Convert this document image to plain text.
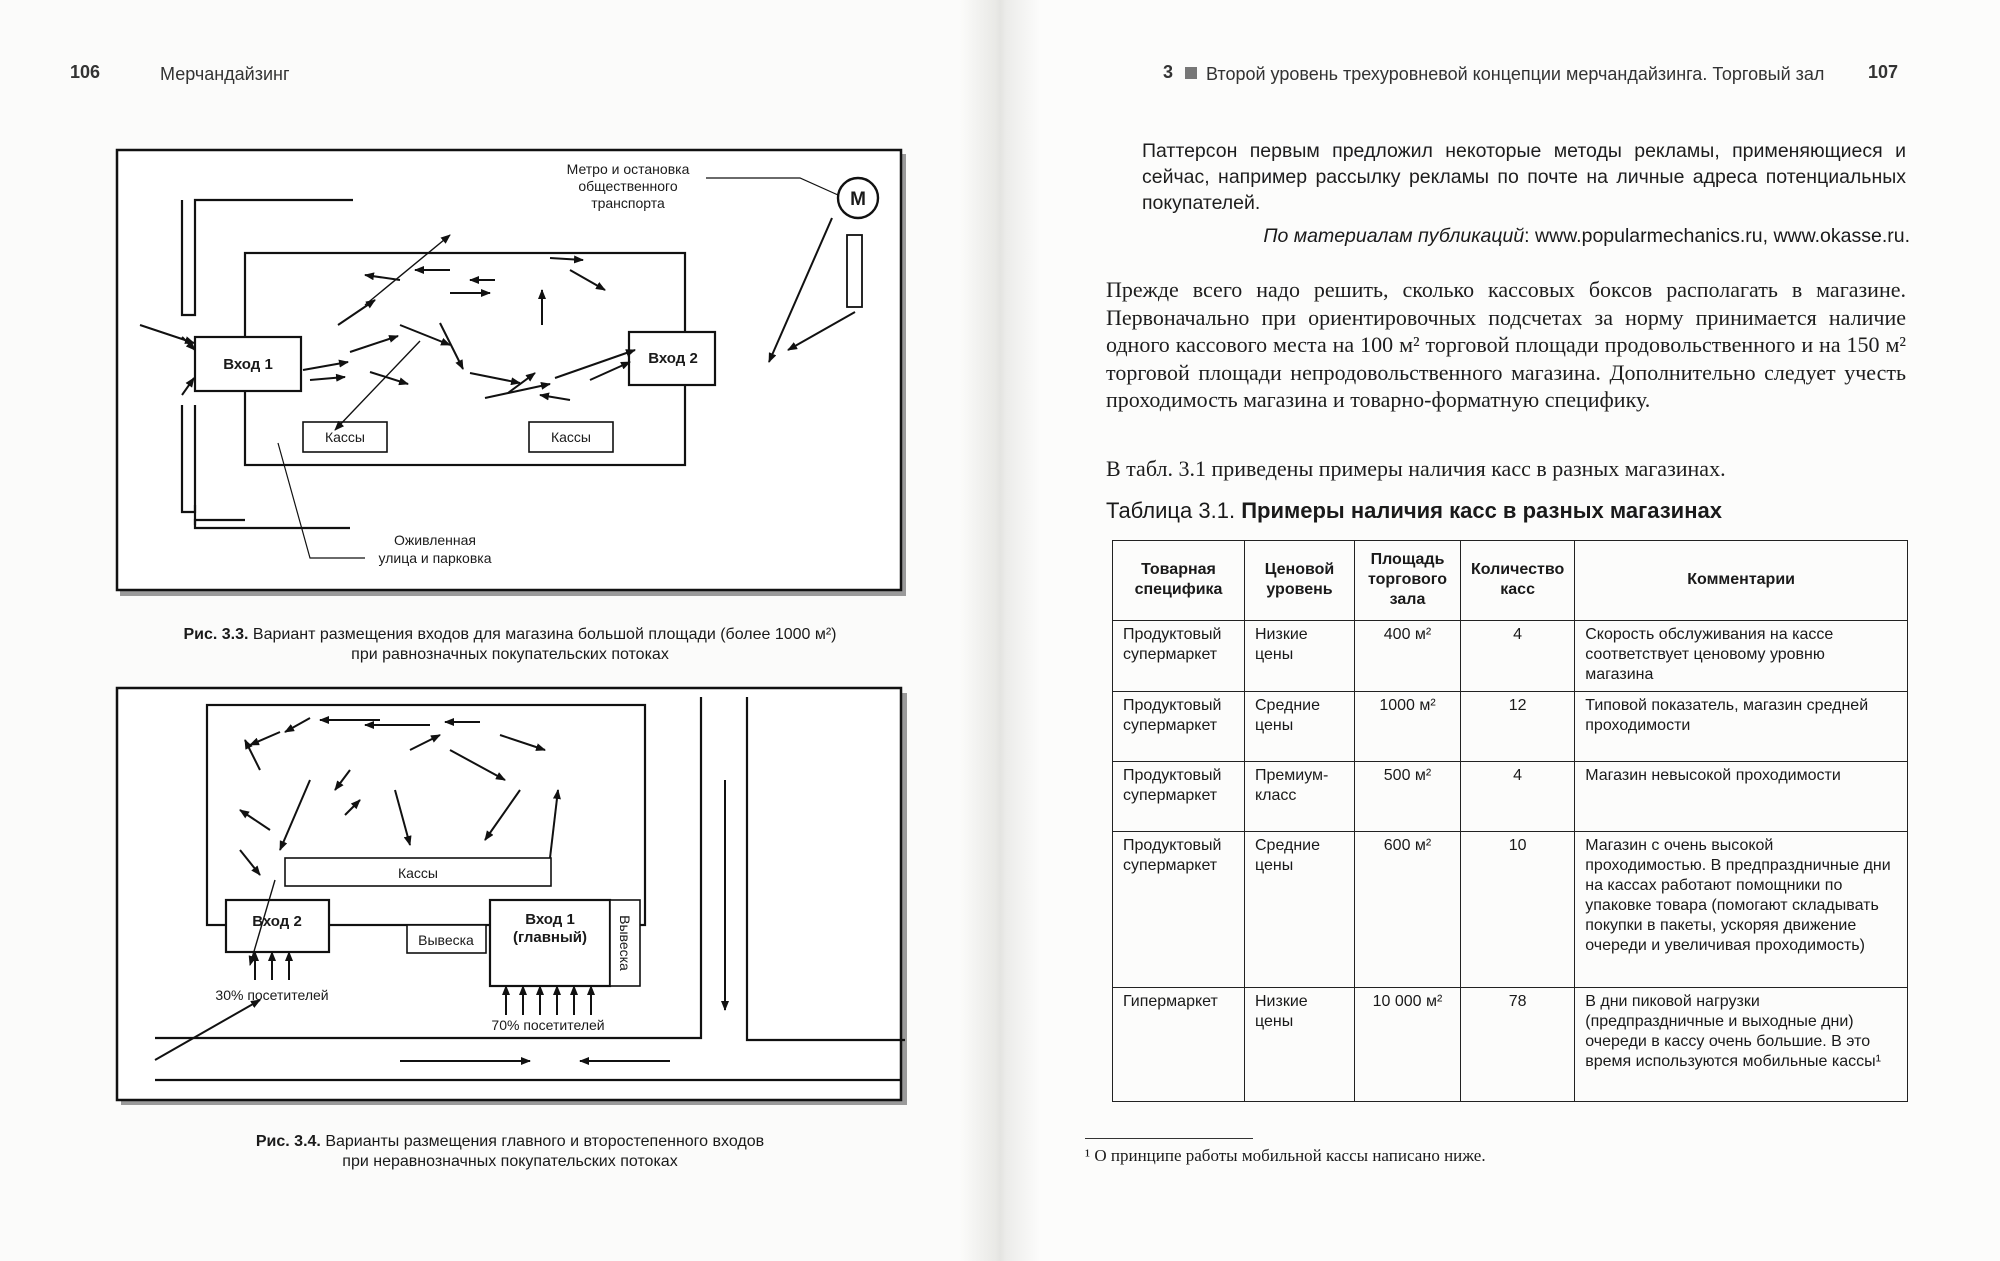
106	Мерчандайзинг
Вход 1	Вход 2
Кассы	Кассы
М
Метро и остановка
общественного
транспорта
Оживленная
улица и парковка
Рис. 3.3. Вариант размещения входов для магазина большой площади (более 1000 м²)
при равнозначных покупательских потоках
Кассы
Вход 2
Вывеска
Вход 1
(главный) Вывеска
30% посетителей
70% посетителей
Рис. 3.4. Варианты размещения главного и второстепенного входов
при неравнозначных покупательских потоках
3 Второй уровень трехуровневой концепции мерчандайзинга. Торговый зал 107
Паттерсон первым предложил некоторые методы рекламы, применяющиеся и сейчас, например рассылку рекламы по почте на личные адреса потенциальных покупателей.
По материалам публикаций: www.popularmechanics.ru, www.okasse.ru.
Прежде всего надо решить, сколько кассовых боксов располагать в магазине. Первоначально при ориентировочных подсчетах за норму принимается наличие одного кассового места на 100 м² торговой площади продовольственного и на 150 м² торговой площади непродовольственного магазина. Дополнительно следует учесть проходимость магазина и товарно-форматную специфику.
В табл. 3.1 приведены примеры наличия касс в разных магазинах.
Таблица 3.1. Примеры наличия касс в разных магазинах
Товарная специфика	Ценовой уровень	Площадь торгового зала	Количество касс	Комментарии
Продуктовый супермаркет	Низкие цены	400 м²	4	Скорость обслуживания на кассе соответствует ценовому уровню магазина
Продуктовый супермаркет	Средние цены	1000 м²	12	Типовой показатель, магазин средней проходимости
Продуктовый супермаркет	Премиум-класс	500 м²	4	Магазин невысокой проходимости
Продуктовый супермаркет	Средние цены	600 м²	10	Магазин с очень высокой проходимостью. В предпраздничные дни на кассах работают помощники по упаковке товара (помогают складывать покупки в пакеты, ускоряя движение очереди и увеличивая проходимость)
Гипермаркет	Низкие цены	10 000 м²	78	В дни пиковой нагрузки (предпраздничные и выходные дни) очереди в кассу очень большие. В это время используются мобильные кассы¹
¹ О принципе работы мобильной кассы написано ниже.
